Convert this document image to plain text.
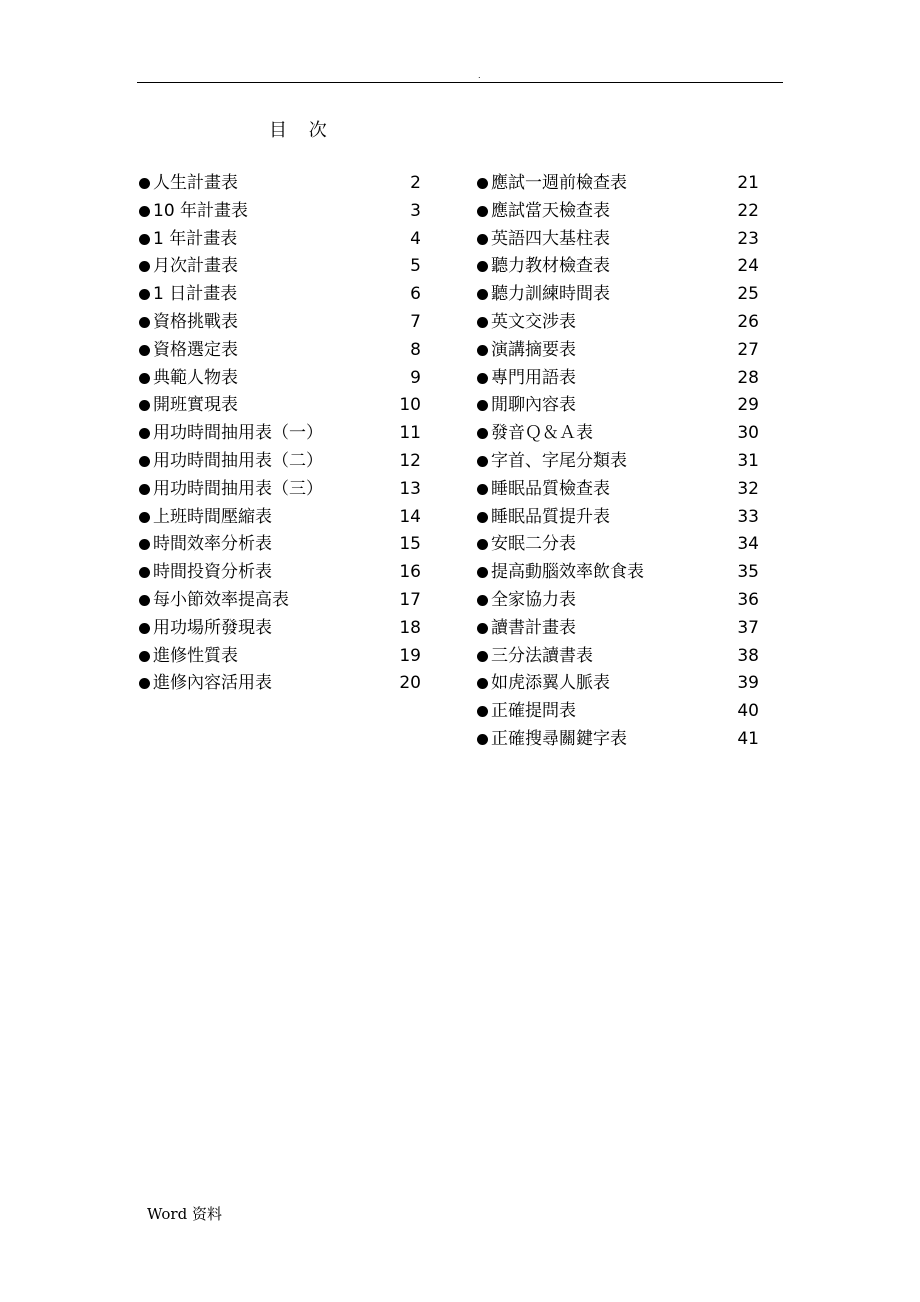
.
目 次
人生計畫表	2
10 年計畫表	3
1 年計畫表	4
月次計畫表	5
1 日計畫表	6
資格挑戰表	7
資格選定表	8
典範人物表	9
開班實現表	10
用功時間抽用表（一）	11
用功時間抽用表（二）	12
用功時間抽用表（三）	13
上班時間壓縮表	14
時間效率分析表	15
時間投資分析表	16
每小節效率提高表	17
用功場所發現表	18
進修性質表	19
進修內容活用表	20
應試一週前檢查表	21
應試當天檢查表	22
英語四大基柱表	23
聽力教材檢查表	24
聽力訓練時間表	25
英文交涉表	26
演講摘要表	27
專門用語表	28
閒聊內容表	29
發音Ｑ＆Ａ表	30
字首、字尾分類表	31
睡眠品質檢查表	32
睡眠品質提升表	33
安眠二分表	34
提高動腦效率飲食表	35
全家協力表	36
讀書計畫表	37
三分法讀書表	38
如虎添翼人脈表	39
正確提問表	40
正確搜尋關鍵字表	41
Word 资料
